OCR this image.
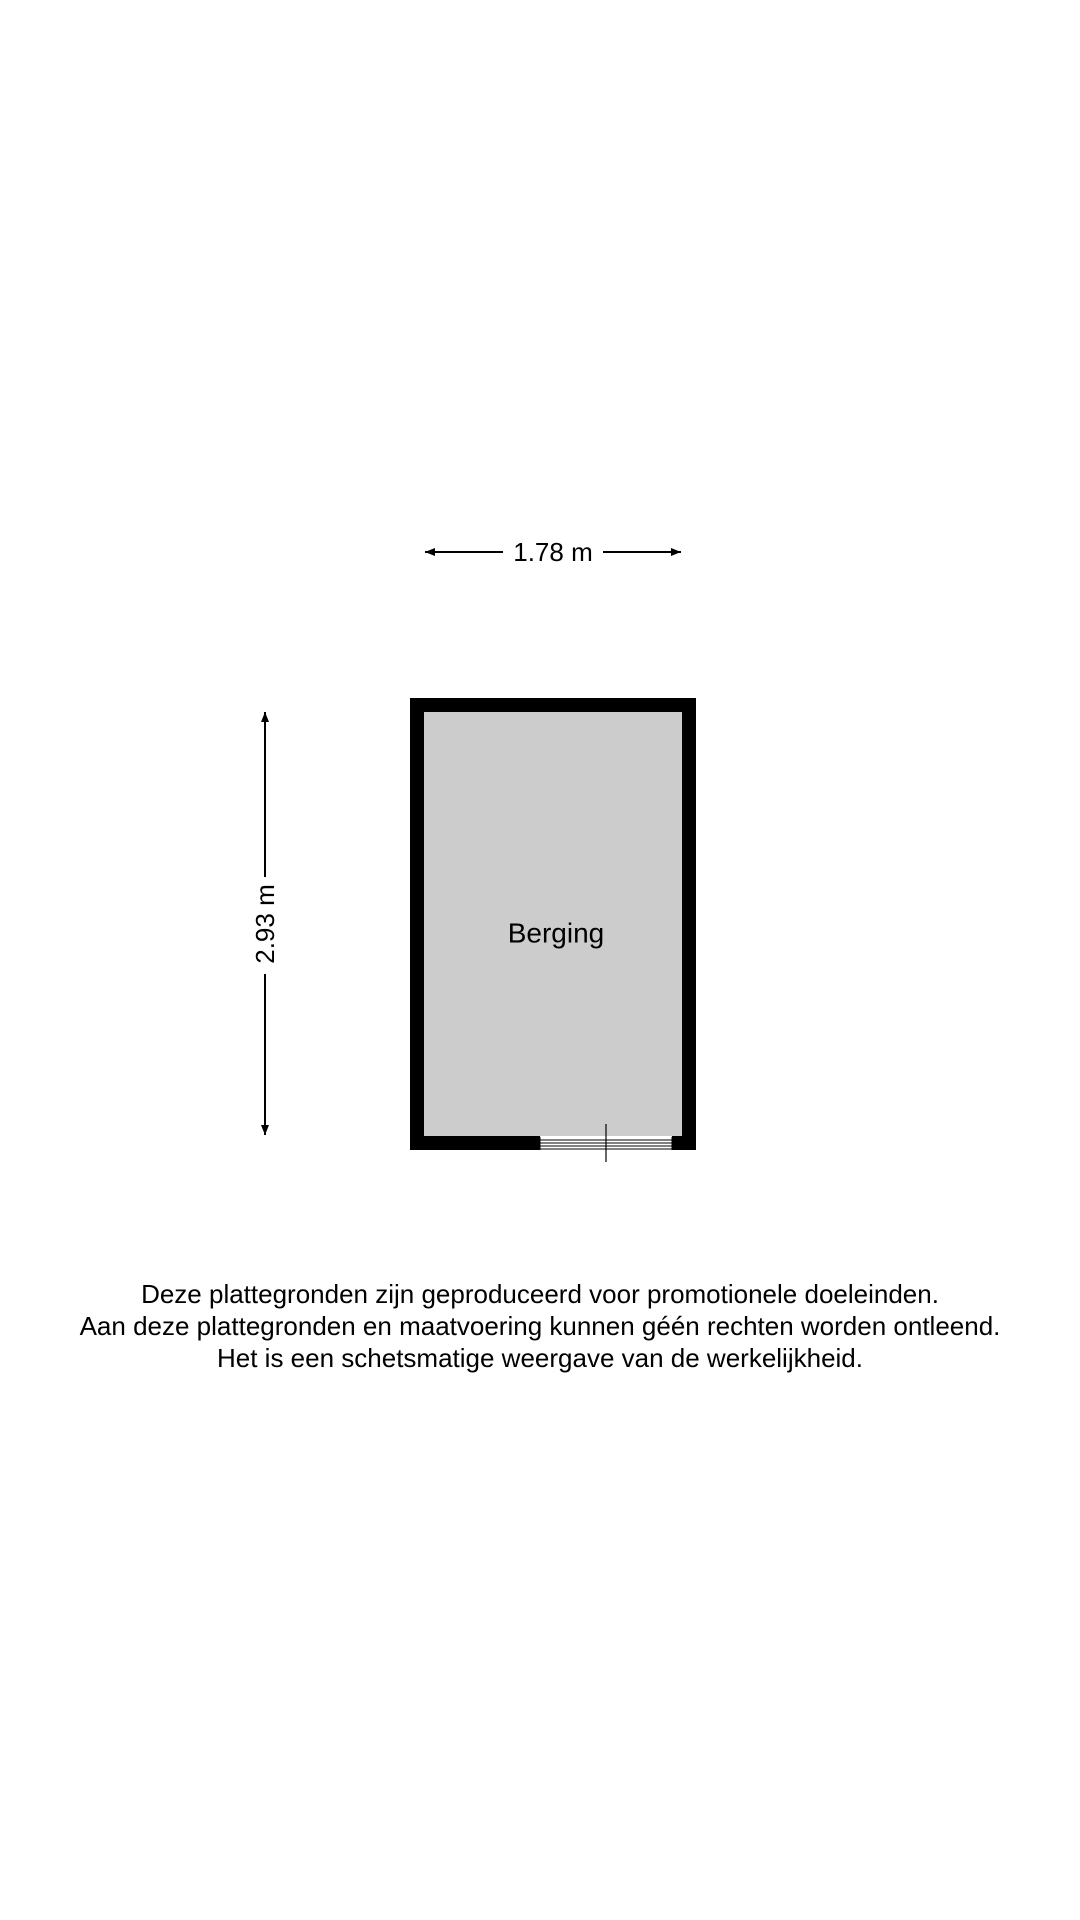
1.78 m
2.93 m	Berging
Deze plattegronden zijn geproduceerd voor promotionele doeleinden.
Aan deze plattegronden en maatvoering kunnen géén rechten worden ontleend.
Het is een schetsmatige weergave van de werkelijkheid.
